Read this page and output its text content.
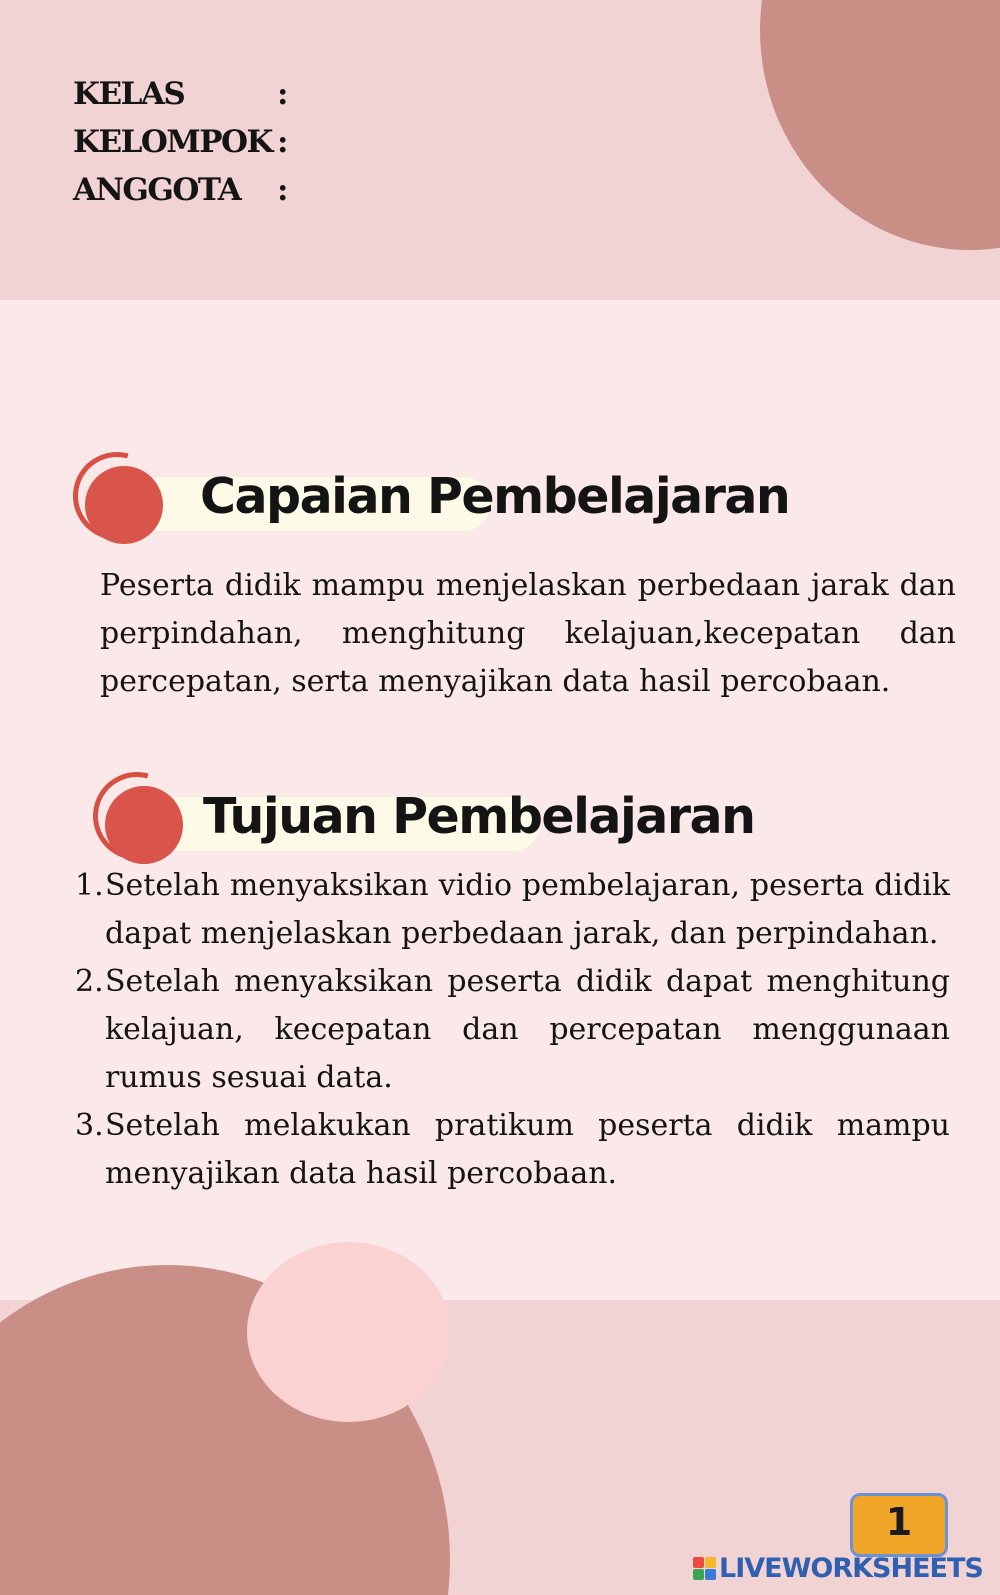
KELAS	:
KELOMPOK :
ANGGOTA	:
Capaian Pembelajaran

Peserta didik mampu menjelaskan perbedaan jarak dan perpindahan, menghitung kelajuan,kecepatan dan percepatan, serta menyajikan data hasil percobaan.

Tujuan Pembelajaran
1. Setelah menyaksikan vidio pembelajaran, peserta didik dapat menjelaskan perbedaan jarak, dan perpindahan.
2. Setelah menyaksikan peserta didik dapat menghitung kelajuan, kecepatan dan percepatan menggunaan rumus sesuai data.
3. Setelah melakukan pratikum peserta didik mampu menyajikan data hasil percobaan.
1
LIVEWORKSHEETS
